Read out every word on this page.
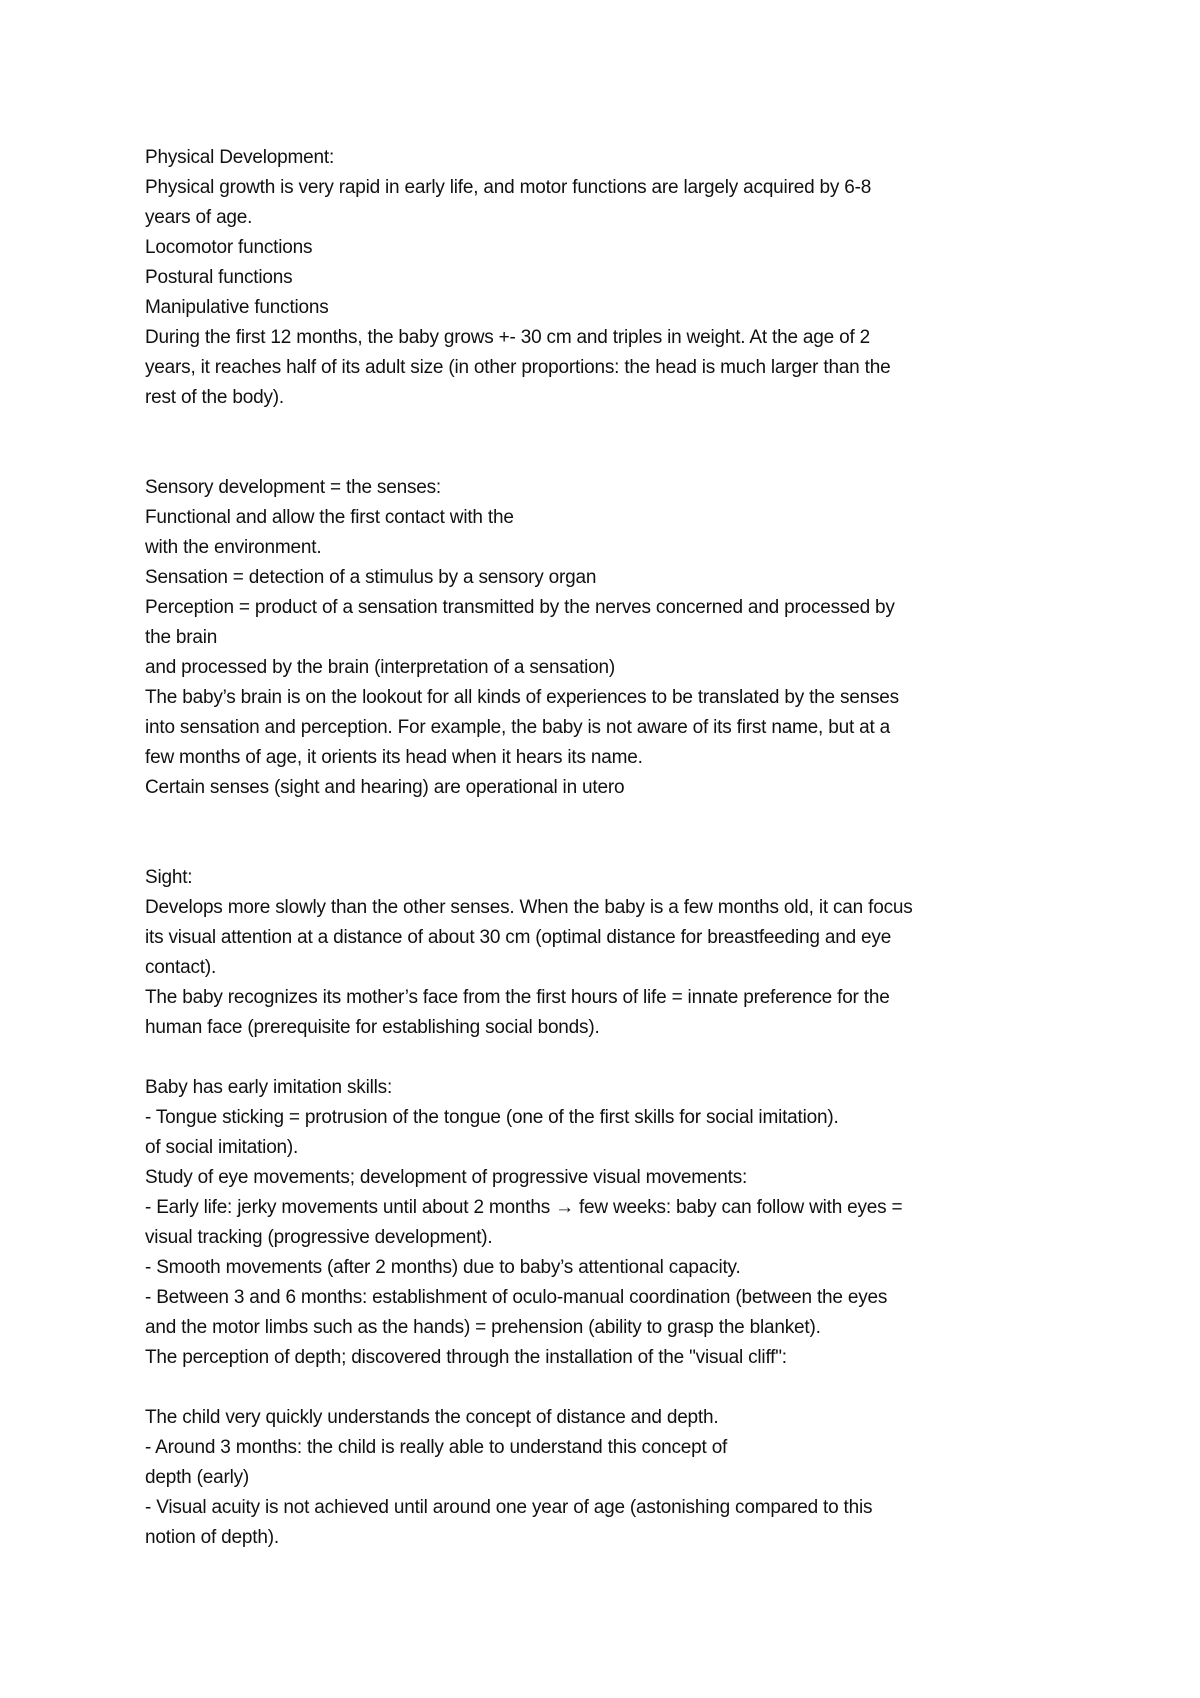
Physical Development:
Physical growth is very rapid in early life, and motor functions are largely acquired by 6-8
years of age.
Locomotor functions
Postural functions
Manipulative functions
During the first 12 months, the baby grows +- 30 cm and triples in weight. At the age of 2
years, it reaches half of its adult size (in other proportions: the head is much larger than the
rest of the body).
Sensory development = the senses:
Functional and allow the first contact with the
with the environment.
Sensation = detection of a stimulus by a sensory organ
Perception = product of a sensation transmitted by the nerves concerned and processed by
the brain
and processed by the brain (interpretation of a sensation)
The baby’s brain is on the lookout for all kinds of experiences to be translated by the senses
into sensation and perception. For example, the baby is not aware of its first name, but at a
few months of age, it orients its head when it hears its name.
Certain senses (sight and hearing) are operational in utero
Sight:
Develops more slowly than the other senses. When the baby is a few months old, it can focus
its visual attention at a distance of about 30 cm (optimal distance for breastfeeding and eye
contact).
The baby recognizes its mother’s face from the first hours of life = innate preference for the
human face (prerequisite for establishing social bonds).
Baby has early imitation skills:
- Tongue sticking = protrusion of the tongue (one of the first skills for social imitation).
of social imitation).
Study of eye movements; development of progressive visual movements:
- Early life: jerky movements until about 2 months → few weeks: baby can follow with eyes =
visual tracking (progressive development).
- Smooth movements (after 2 months) due to baby’s attentional capacity.
- Between 3 and 6 months: establishment of oculo-manual coordination (between the eyes
and the motor limbs such as the hands) = prehension (ability to grasp the blanket).
The perception of depth; discovered through the installation of the "visual cliff":
The child very quickly understands the concept of distance and depth.
- Around 3 months: the child is really able to understand this concept of
depth (early)
- Visual acuity is not achieved until around one year of age (astonishing compared to this
notion of depth).
